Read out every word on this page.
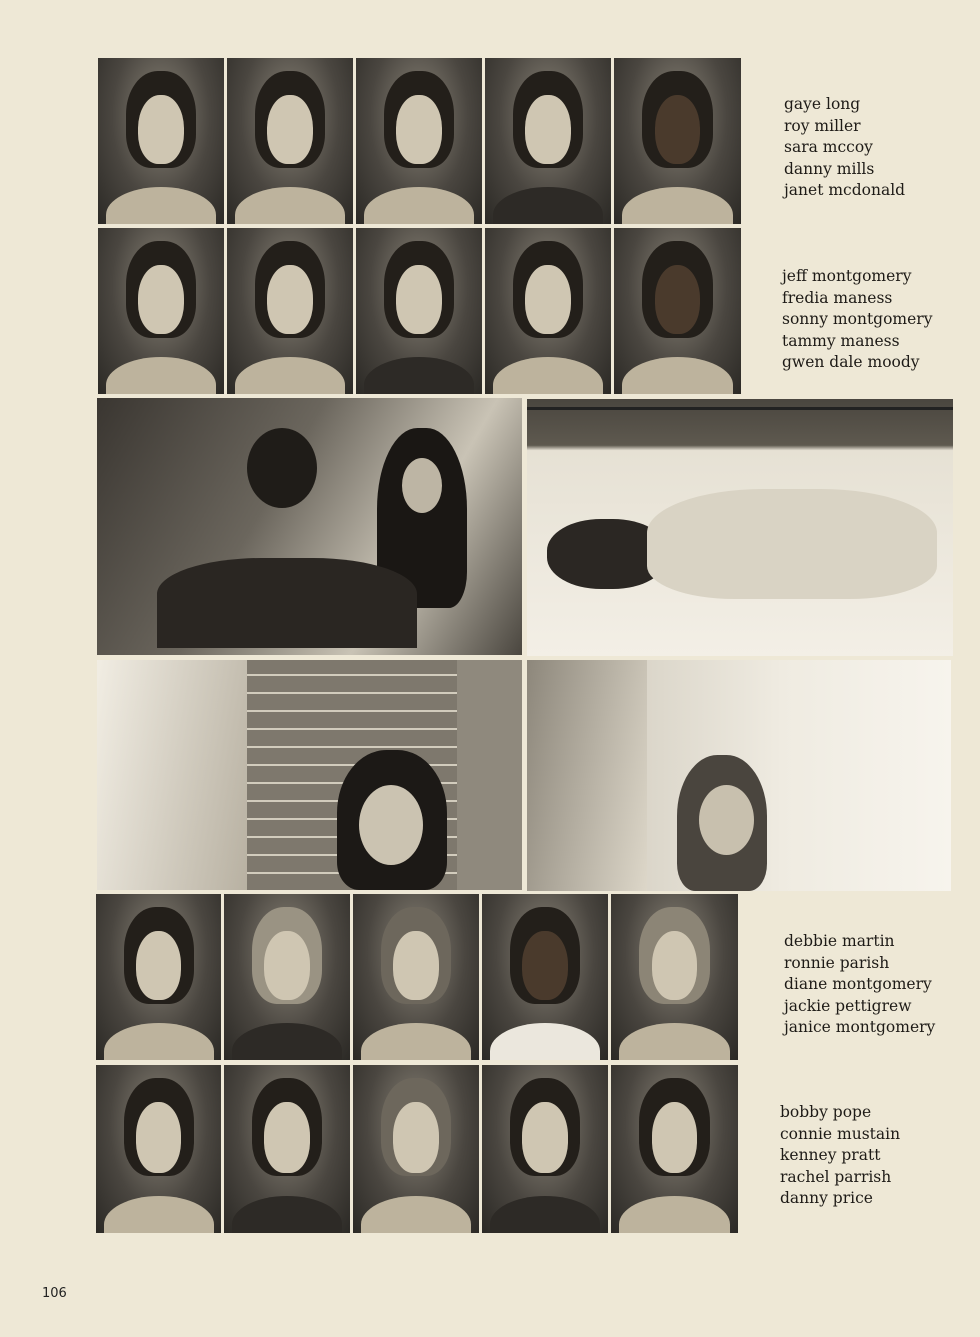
gaye long
roy miller
sara mccoy
danny mills
janet mcdonald
jeff montgomery
fredia maness
sonny montgomery
tammy maness
gwen dale moody
debbie martin
ronnie parish
diane montgomery
jackie pettigrew
janice montgomery
bobby pope
connie mustain
kenney pratt
rachel parrish
danny price
106
